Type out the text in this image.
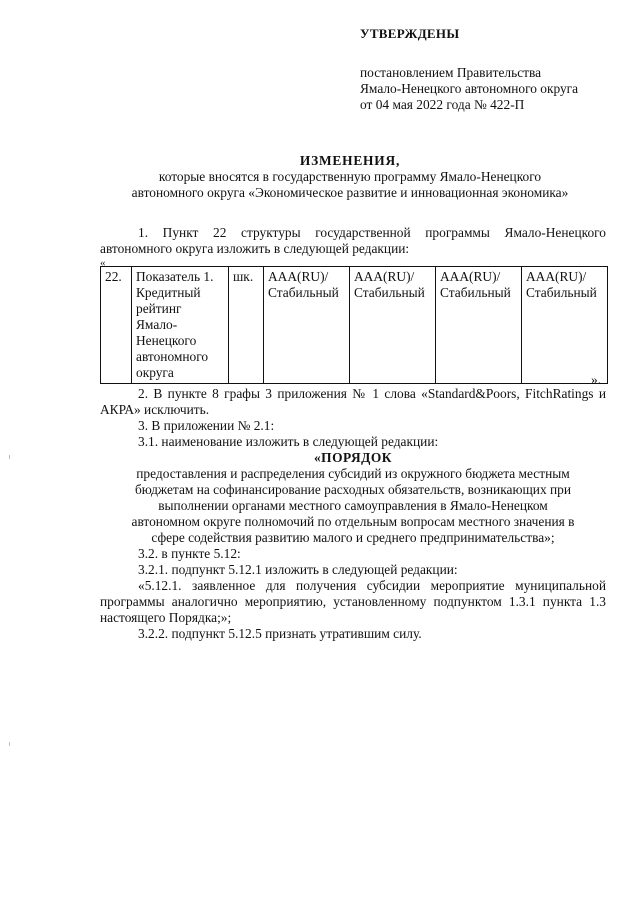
УТВЕРЖДЕНЫ
постановлением Правительства
Ямало-Ненецкого автономного округа
от 04 мая 2022 года № 422-П
ИЗМЕНЕНИЯ,
которые вносятся в государственную программу Ямало-Ненецкого
автономного округа «Экономическое развитие и инновационная экономика»
1. Пункт 22 структуры государственной программы Ямало-Ненецкого автономного округа изложить в следующей редакции:
«
22.	Показатель 1. Кредитный рейтинг Ямало-Ненецкого автономного округа	шк.	ААА(RU)/ Стабильный	ААА(RU)/ Стабильный	ААА(RU)/ Стабильный	ААА(RU)/ Стабильный
».
2. В пункте 8 графы 3 приложения № 1 слова «Standard&Poors, FitchRatings и АКРА» исключить.
3. В приложении № 2.1:
3.1. наименование изложить в следующей редакции:
«ПОРЯДОК
предоставления и распределения субсидий из окружного бюджета местным
бюджетам на софинансирование расходных обязательств, возникающих при
выполнении органами местного самоуправления в Ямало-Ненецком
автономном округе полномочий по отдельным вопросам местного значения в
сфере содействия развитию малого и среднего предпринимательства»;
3.2. в пункте 5.12:
3.2.1. подпункт 5.12.1 изложить в следующей редакции:
«5.12.1. заявленное для получения субсидии мероприятие муниципальной программы аналогично мероприятию, установленному подпунктом 1.3.1 пункта 1.3 настоящего Порядка;»;
3.2.2. подпункт 5.12.5 признать утратившим силу.
